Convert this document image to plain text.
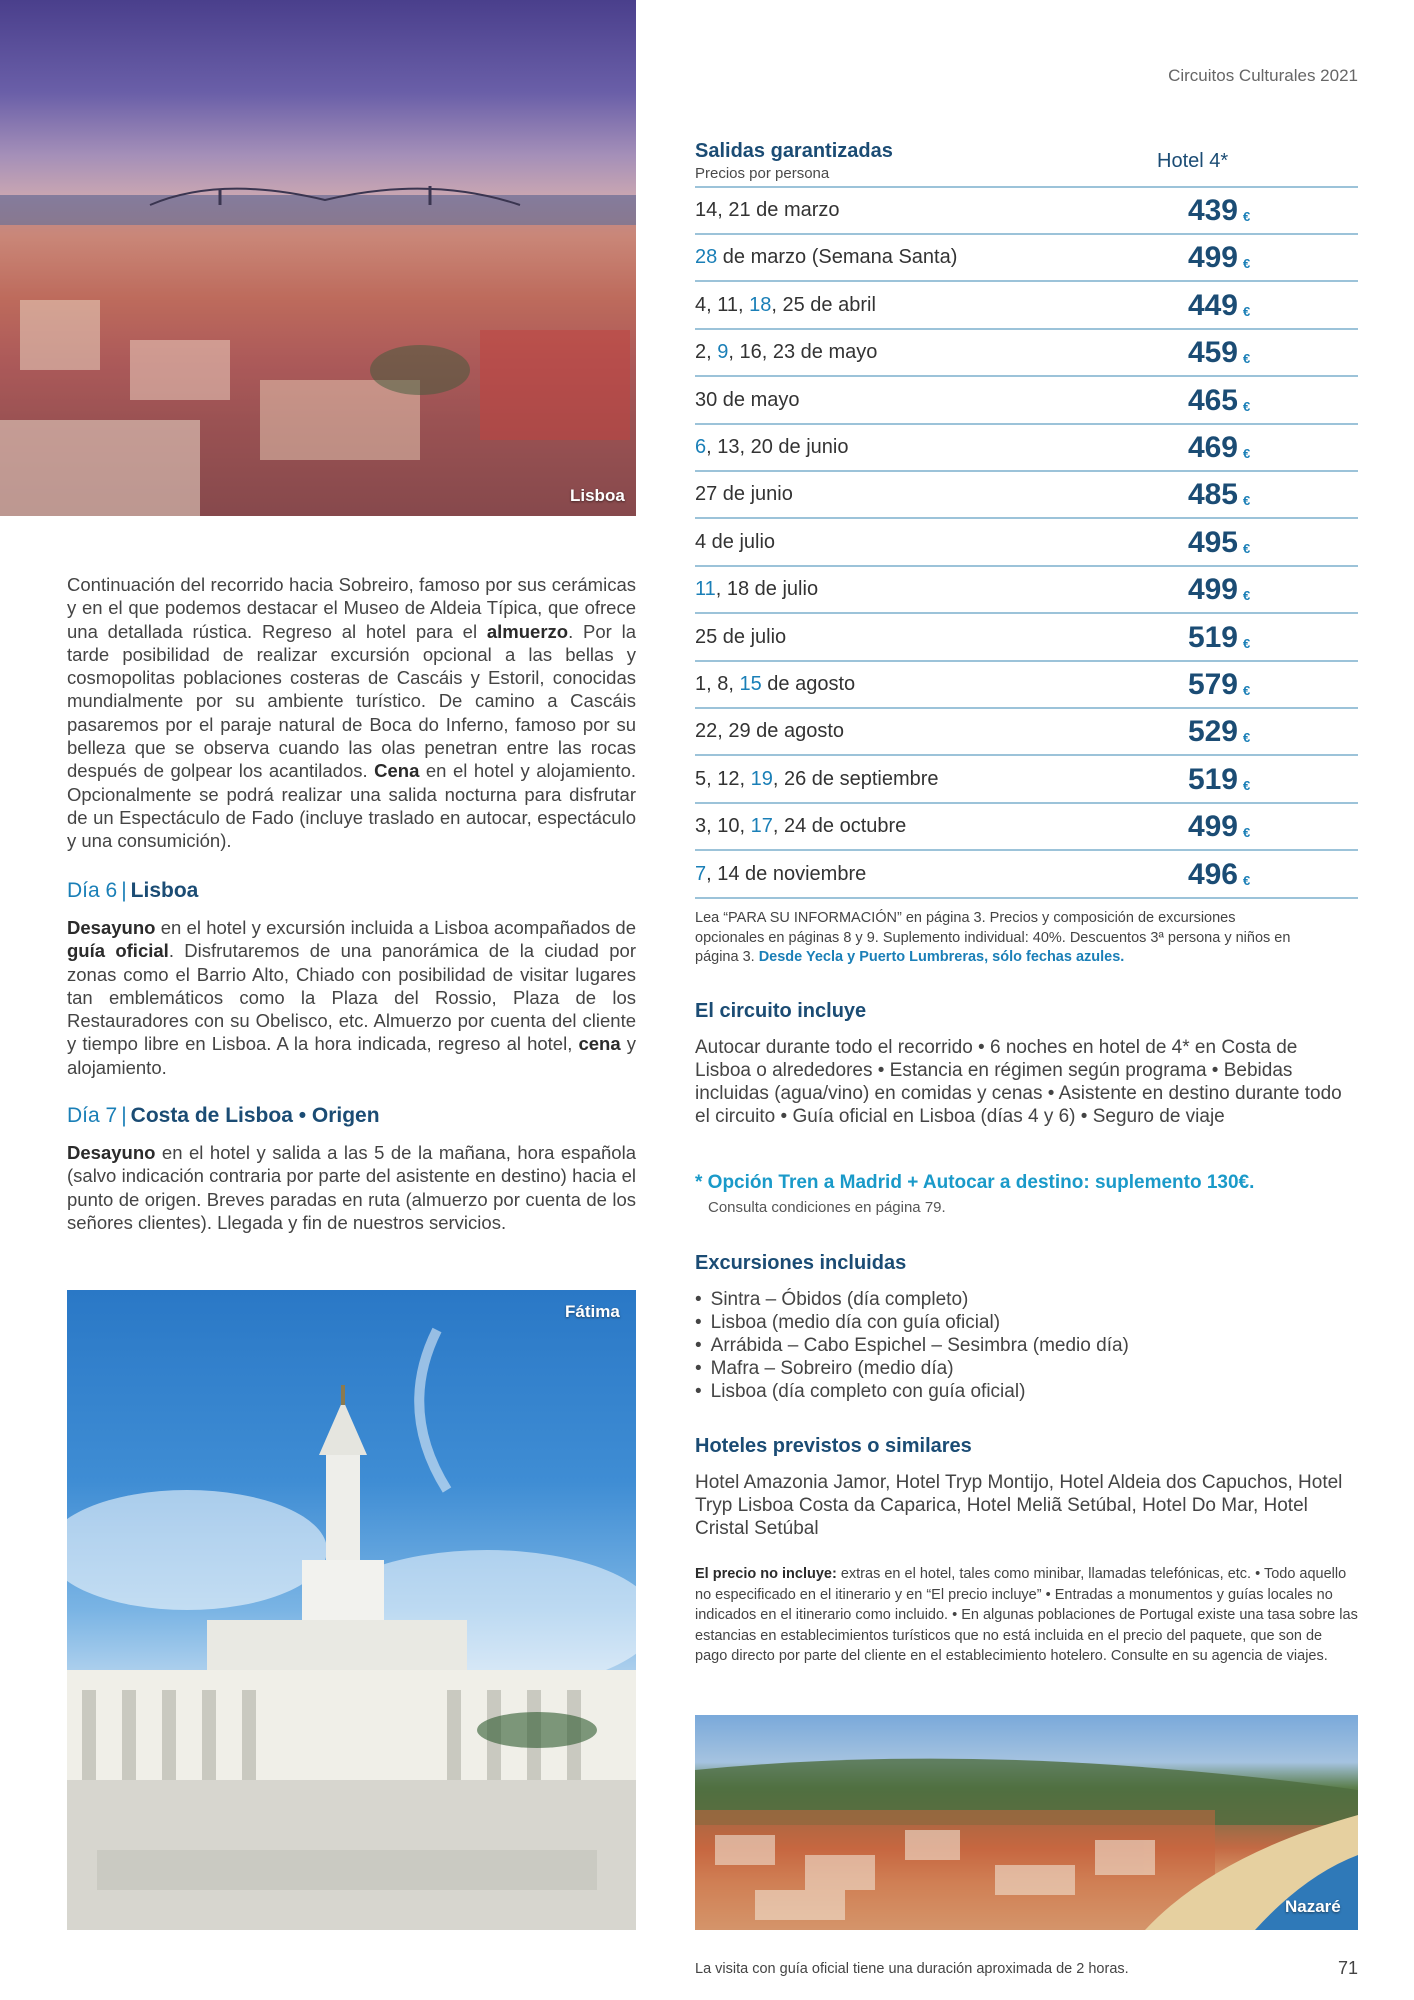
Lisboa
Fátima
Nazaré
Circuitos Culturales 2021

Continuación del recorrido hacia Sobreiro, famoso por sus cerámicas y en el que podemos destacar el Museo de Aldeia Típica, que ofrece una detallada rústica. Regreso al hotel para el almuerzo. Por la tarde posibilidad de realizar excursión opcional a las bellas y cosmopolitas poblaciones costeras de Cascáis y Estoril, conocidas mundialmente por su ambiente turístico. De camino a Cascáis pasaremos por el paraje natural de Boca do Inferno, famoso por su belleza que se observa cuando las olas penetran entre las rocas después de golpear los acantilados. Cena en el hotel y alojamiento. Opcionalmente se podrá realizar una salida nocturna para disfrutar de un Espectáculo de Fado (incluye traslado en autocar, espectáculo y una consumición).

Día 6 | Lisboa

Desayuno en el hotel y excursión incluida a Lisboa acompañados de guía oficial. Disfrutaremos de una panorámica de la ciudad por zonas como el Barrio Alto, Chiado con posibilidad de visitar lugares tan emblemáticos como la Plaza del Rossio, Plaza de los Restauradores con su Obelisco, etc. Almuerzo por cuenta del cliente y tiempo libre en Lisboa. A la hora indicada, regreso al hotel, cena y alojamiento.

Día 7 | Costa de Lisboa • Origen

Desayuno en el hotel y salida a las 5 de la mañana, hora española (salvo indicación contraria por parte del asistente en destino) hacia el punto de origen. Breves paradas en ruta (almuerzo por cuenta de los señores clientes). Llegada y fin de nuestros servicios.

Salidas garantizadas
Precios por persona
Hotel 4*
14, 21 de marzo	439 €
28 de marzo (Semana Santa)	499 €
4, 11, 18, 25 de abril	449 €
2, 9, 16, 23 de mayo	459 €
30 de mayo	465 €
6, 13, 20 de junio	469 €
27 de junio	485 €
4 de julio	495 €
11, 18 de julio	499 €
25 de julio	519 €
1, 8, 15 de agosto	579 €
22, 29 de agosto	529 €
5, 12, 19, 26 de septiembre	519 €
3, 10, 17, 24 de octubre	499 €
7, 14 de noviembre	496 €

Lea “PARA SU INFORMACIÓN” en página 3. Precios y composición de excursiones opcionales en páginas 8 y 9. Suplemento individual: 40%. Descuentos 3ª persona y niños en página 3. Desde Yecla y Puerto Lumbreras, sólo fechas azules.

El circuito incluye

Autocar durante todo el recorrido • 6 noches en hotel de 4* en Costa de Lisboa o alrededores • Estancia en régimen según programa • Bebidas incluidas (agua/vino) en comidas y cenas • Asistente en destino durante todo el circuito • Guía oficial en Lisboa (días 4 y 6) • Seguro de viaje

* Opción Tren a Madrid + Autocar a destino: suplemento 130€.
Consulta condiciones en página 79.
Excursiones incluidas
• Sintra – Óbidos (día completo)
• Lisboa (medio día con guía oficial)
• Arrábida – Cabo Espichel – Sesimbra (medio día)
• Mafra – Sobreiro (medio día)
• Lisboa (día completo con guía oficial)
Hoteles previstos o similares

Hotel Amazonia Jamor, Hotel Tryp Montijo, Hotel Aldeia dos Capuchos, Hotel Tryp Lisboa Costa da Caparica, Hotel Meliã Setúbal, Hotel Do Mar, Hotel Cristal Setúbal

El precio no incluye: extras en el hotel, tales como minibar, llamadas telefónicas, etc. • Todo aquello no especificado en el itinerario y en “El precio incluye” • Entradas a monumentos y guías locales no indicados en el itinerario como incluido. • En algunas poblaciones de Portugal existe una tasa sobre las estancias en establecimientos turísticos que no está incluida en el precio del paquete, que son de pago directo por parte del cliente en el establecimiento hotelero. Consulte en su agencia de viajes.

La visita con guía oficial tiene una duración aproximada de 2 horas.	71
